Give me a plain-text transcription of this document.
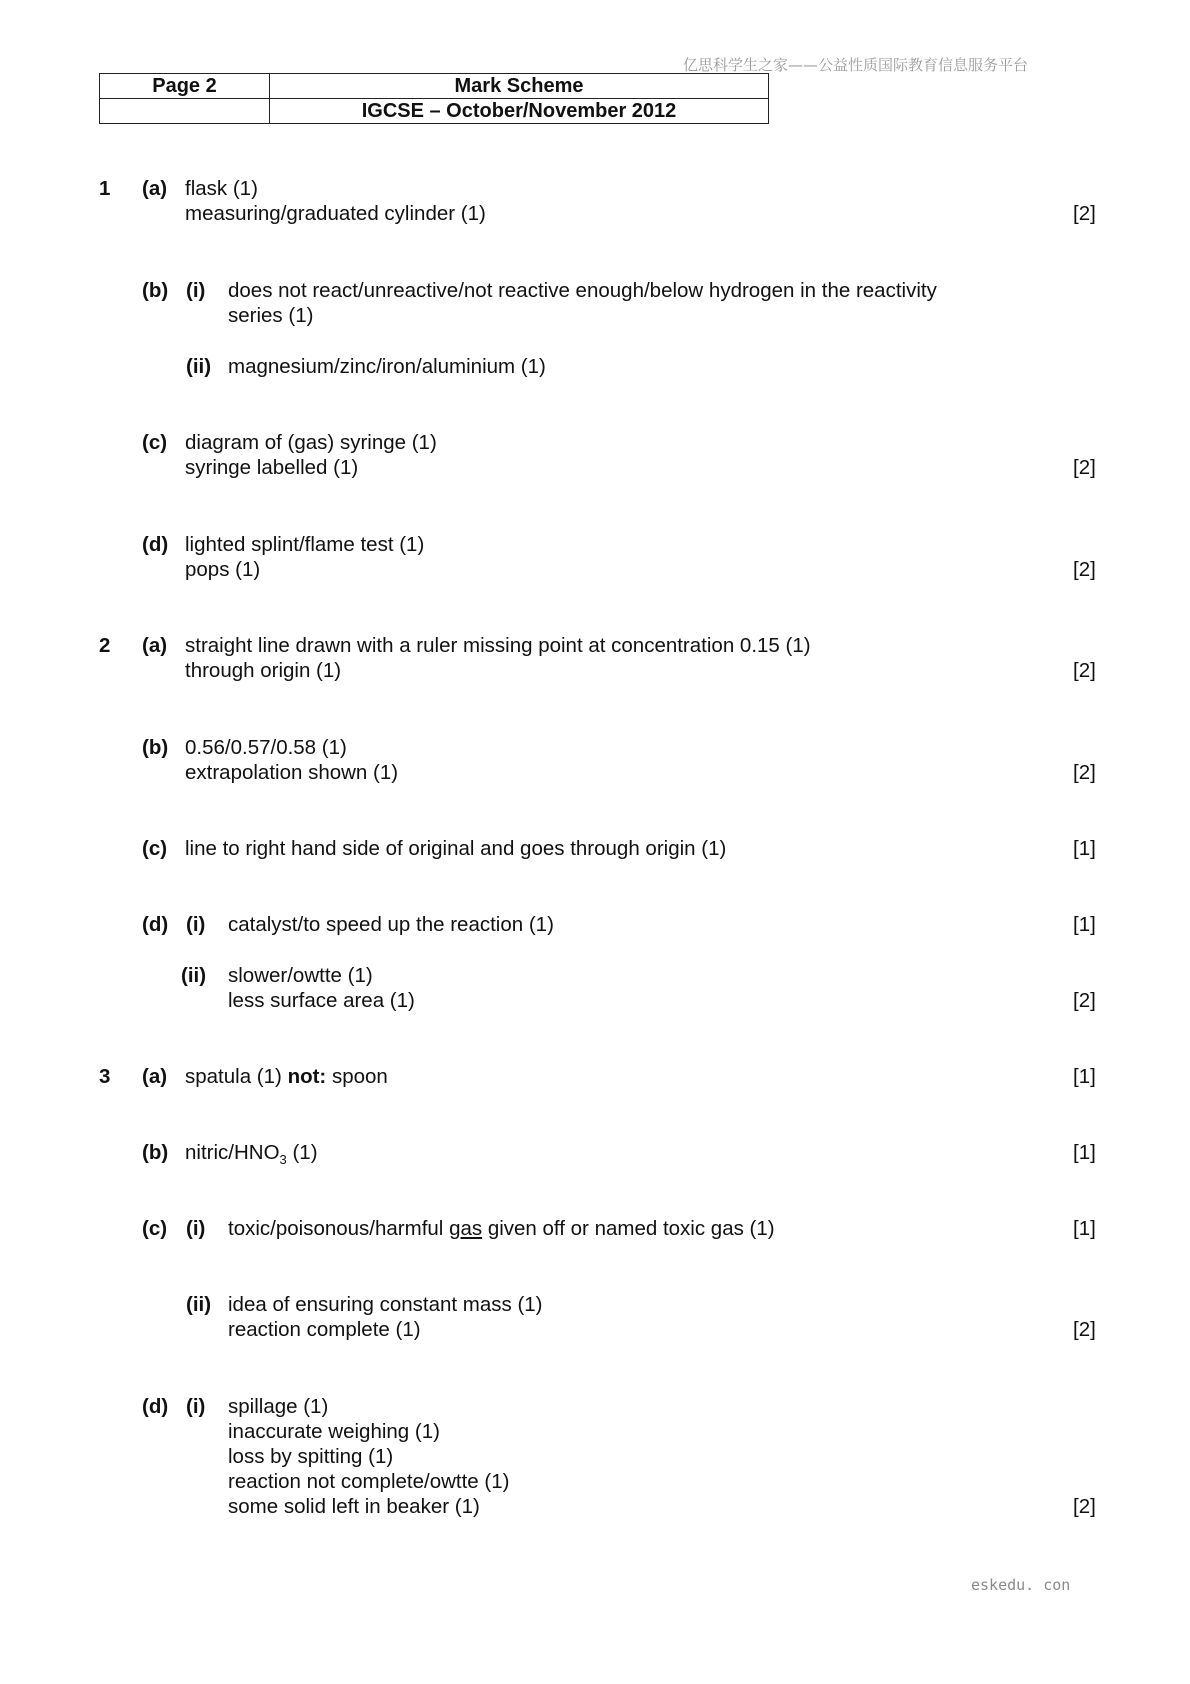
亿思科学生之家——公益性质国际教育信息服务平台
Page 2	Mark Scheme
	IGCSE – October/November 2012
1 (a) flask (1)
measuring/graduated cylinder (1)	[2]
(b) (i) does not react/unreactive/not reactive enough/below hydrogen in the reactivity
series (1)
(ii) magnesium/zinc/iron/aluminium (1)
(c) diagram of (gas) syringe (1)
syringe labelled (1)	[2]
(d) lighted splint/flame test (1)
pops (1)	[2]
2 (a) straight line drawn with a ruler missing point at concentration 0.15 (1)
through origin (1)	[2]
(b) 0.56/0.57/0.58 (1)
extrapolation shown (1)	[2]
(c) line to right hand side of original and goes through origin (1)	[1]
(d) (i) catalyst/to speed up the reaction (1)	[1]
(ii) slower/owtte (1)
less surface area (1)	[2]
3 (a) spatula (1) not: spoon	[1]
(b) nitric/$HNO_3$ (1)	[1]
(c) (i) toxic/poisonous/harmful gas given off or named toxic gas (1)	[1]
(ii) idea of ensuring constant mass (1)
reaction complete (1)	[2]
(d) (i) spillage (1)
inaccurate weighing (1)
loss by spitting (1)
reaction not complete/owtte (1)
some solid left in beaker (1)	[2]
eskedu. con
